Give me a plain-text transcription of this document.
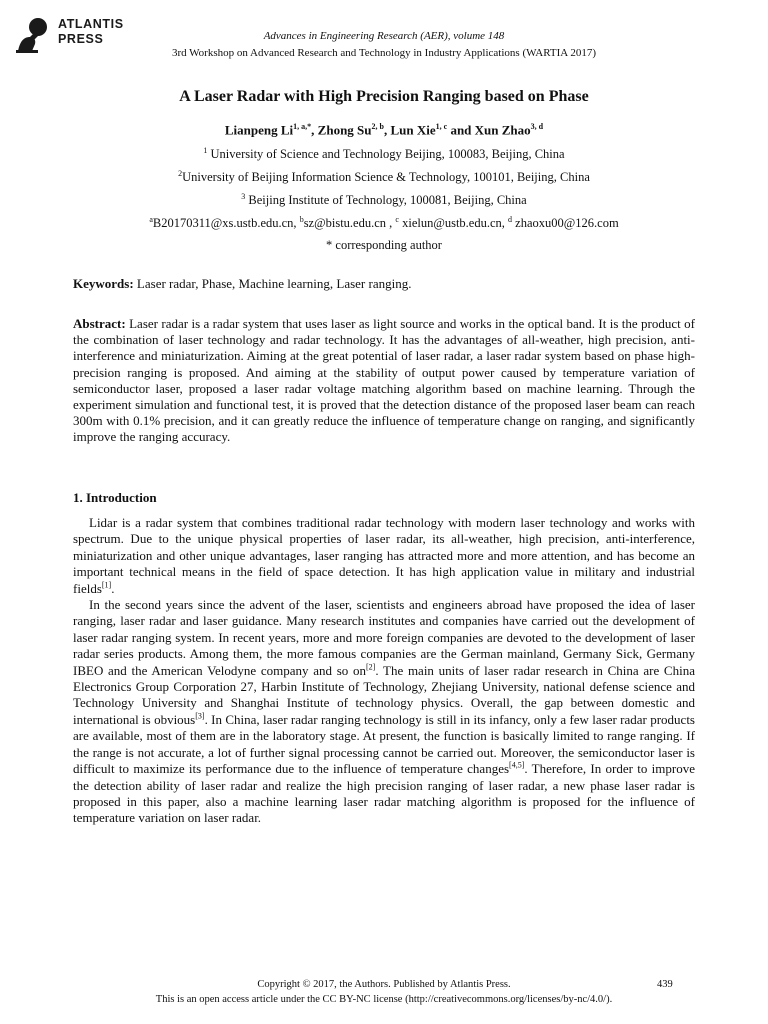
ATLANTIS
PRESS	Advances in Engineering Research (AER), volume 148
3rd Workshop on Advanced Research and Technology in Industry Applications (WARTIA 2017)
A Laser Radar with High Precision Ranging based on Phase
Lianpeng $Li^{1, a,*}$, Zhong Su$^{2, b}$, Lun Xie$^{1, c}$ and Xun Zhao$^{3, d}$
$^1$ University of Science and Technology Beijing, 100083, Beijing, China
$^2$University of Beijing Information Science & Technology, 100101, Beijing, China
$^3$ Beijing Institute of Technology, 100081, Beijing, China
$^a$B20170311@xs.ustb.edu.cn, $^b$sz@bistu.edu.cn , $^c$ xielun@ustb.edu.cn, $^d$ zhaoxu00@126.com
* corresponding author
Keywords: Laser radar, Phase, Machine learning, Laser ranging.
Abstract: Laser radar is a radar system that uses laser as light source and works in the optical band. It is the product of the combination of laser technology and radar technology. It has the advantages of all-weather, high precision, anti-interference and miniaturization. Aiming at the great potential of laser radar, a laser radar system based on phase high-precision ranging is proposed. And aiming at the stability of output power caused by temperature variation of semiconductor laser, proposed a laser radar voltage matching algorithm based on machine learning. Through the experiment simulation and functional test, it is proved that the detection distance of the proposed laser beam can reach 300m with 0.1% precision, and it can greatly reduce the influence of temperature change on ranging, and significantly improve the ranging accuracy.
1. Introduction

Lidar is a radar system that combines traditional radar technology with modern laser technology and works with spectrum. Due to the unique physical properties of laser radar, its all-weather, high precision, anti-interference, miniaturization and other unique advantages, laser ranging has attracted more and more attention, and has become an important technical means in the field of space detection. It has high application value in military and industrial fields[1].

In the second years since the advent of the laser, scientists and engineers abroad have proposed the idea of laser ranging, laser radar and laser guidance. Many research institutes and companies have carried out the development of laser radar ranging system. In recent years, more and more foreign companies are devoted to the development of laser radar series products. Among them, the more famous companies are the German mainland, Germany Sick, Germany IBEO and the American Velodyne company and so on[2]. The main units of laser radar research in China are China Electronics Group Corporation 27, Harbin Institute of Technology, Zhejiang University, national defense science and Technology University and Shanghai Institute of technology physics. Overall, the gap between domestic and international is obvious[3]. In China, laser radar ranging technology is still in its infancy, only a few laser radar products are available, most of them are in the laboratory stage. At present, the function is basically limited to range ranging. If the range is not accurate, a lot of further signal processing cannot be carried out. Moreover, the semiconductor laser is difficult to maximize its performance due to the influence of temperature changes[4,5]. Therefore, In order to improve the detection ability of laser radar and realize the high precision ranging of laser radar, a new phase laser radar is proposed in this paper, also a machine learning laser radar matching algorithm is proposed for the influence of temperature variation on laser radar.

Copyright © 2017, the Authors. Published by Atlantis Press.	439
This is an open access article under the CC BY-NC license (http://creativecommons.org/licenses/by-nc/4.0/).
